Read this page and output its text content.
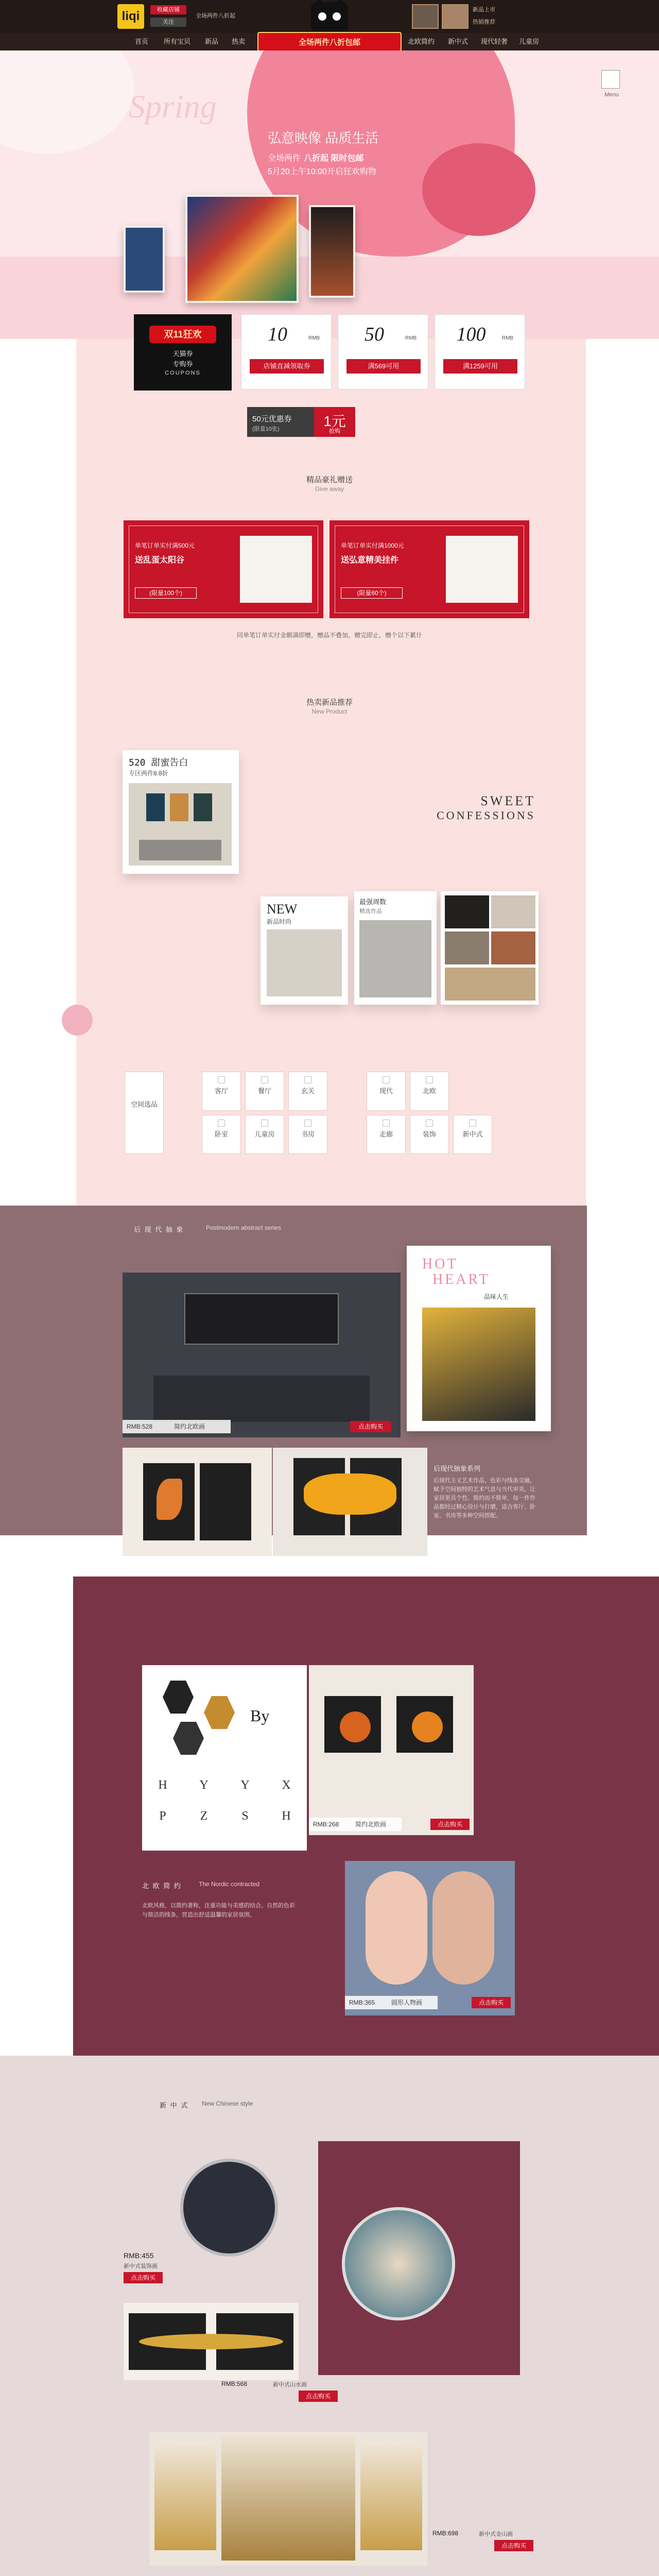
liqi	收藏店铺
关注
全场两件八折起
新品上市
热销推荐
首页 所有宝贝 新品 热卖	北欧简约 新中式 现代轻奢 儿童房
全场两件八折包邮
Spring
弘意映像 品质生活
全场两件 八折起 限时包邮
5月20上午10:00开启狂欢购物
Menu
双11狂欢
天猫券
专购券
COUPONS
10	RMB
店铺直减领取券
50	RMB
满569可用
100	RMB
满1259可用
50元优惠券
(限量10张)	1元
抢购
精品豪礼赠送
Give away
单笔订单实付满500元
送乱蛋太阳谷
(限量100个)
单笔订单实付满1000元
送弘意精美挂件
(限量60个)
同单笔订单实付金额满即赠，赠品不叠加，赠完即止，赠个以下累计
热卖新品推荐
New Product
520 甜蜜告白
专区两件8.8折
SWEET
CONFESSIONS
NEW
新品时尚
最强周数
精选作品
空间选品
客厅	餐厅	玄关	现代	北欧
卧室	儿童房	书房	走廊	装饰	新中式
后 现 代 抽 象	Postmodern abstract series
RMB:528	简约北欧画	点击购买
HOT
HEART
品味人生
后现代抽象系列
后现代主义艺术作品，色彩与线条交融，赋予空间独特的艺术气息与当代审美，让家居更具个性。简约而不简单，每一件作品都经过精心设计与打磨，适合客厅、卧室、书房等多种空间搭配。
By
H	Y	Y	X
P	Z	S	H
RMB:268	简约北欧画	点击购买
北 欧 简 约	The Nordic contracted
北欧风格，以简约著称，注重功能与美感的结合。自然的色彩与简洁的线条，营造出舒适温馨的家居氛围。
RMB:365	圆形人物画	点击购买
新 中 式	New Chinese style
RMB:455
新中式装饰画
点击购买
RMB:568	新中式山水画
点击购买
RMB:698	新中式金山画
点击购买
